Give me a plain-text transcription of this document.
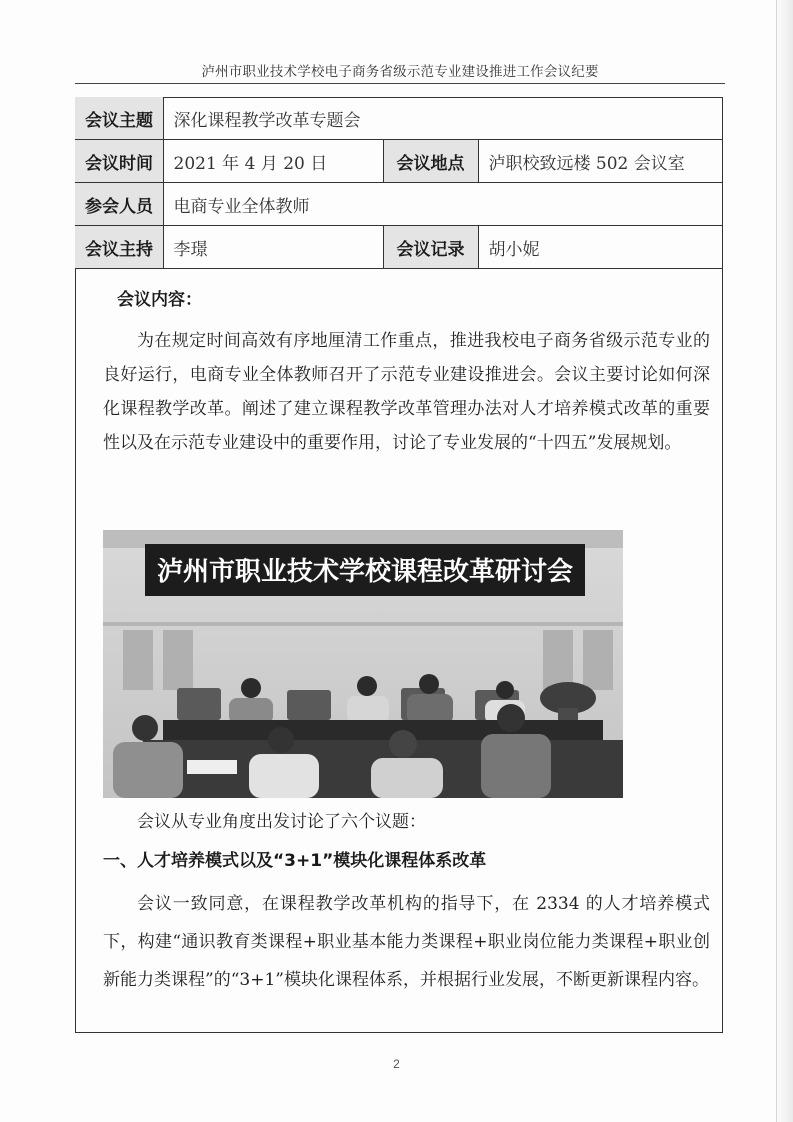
泸州市职业技术学校电子商务省级示范专业建设推进工作会议纪要
会议主题	深化课程教学改革专题会		
会议时间	2021 年 4 月 20 日	会议地点	泸职校致远楼 502 会议室
参会人员	电商专业全体教师		
会议主持	李璟	会议记录	胡小妮
会议内容：
为在规定时间高效有序地厘清工作重点，推进我校电子商务省级示范专业的良好运行，电商专业全体教师召开了示范专业建设推进会。会议主要讨论如何深化课程教学改革。阐述了建立课程教学改革管理办法对人才培养模式改革的重要性以及在示范专业建设中的重要作用，讨论了专业发展的“十四五”发展规划。
泸州市职业技术学校课程改革研讨会
会议从专业角度出发讨论了六个议题：
一、人才培养模式以及“3+1”模块化课程体系改革
会议一致同意，在课程教学改革机构的指导下，在 2334 的人才培养模式下，构建“通识教育类课程+职业基本能力类课程+职业岗位能力类课程+职业创新能力类课程”的“3+1”模块化课程体系，并根据行业发展，不断更新课程内容。
2
